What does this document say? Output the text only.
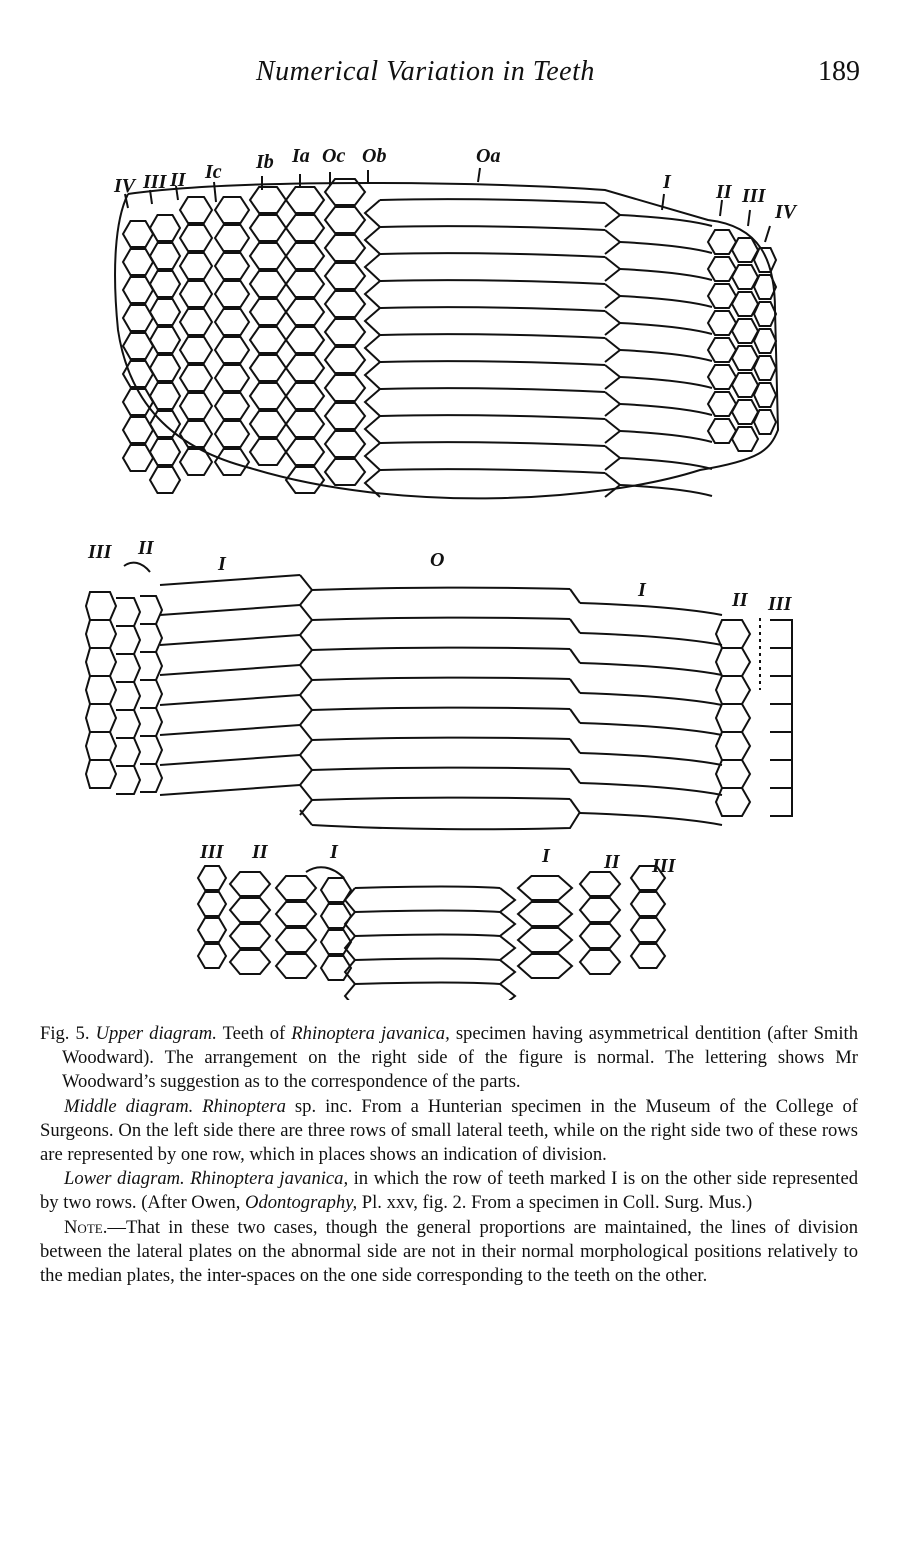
Numerical Variation in Teeth	189
IV III II Ic Ib Ia Oc Ob	Oa
I II III
IV
III II
I	O
I	II III
III II	I	I	II III

Fig. 5. Upper diagram. Teeth of Rhinoptera javanica, specimen having asymmetrical dentition (after Smith Woodward). The arrangement on the right side of the figure is normal. The lettering shows Mr Woodward’s suggestion as to the correspondence of the parts.

Middle diagram. Rhinoptera sp. inc. From a Hunterian specimen in the Museum of the College of Surgeons. On the left side there are three rows of small lateral teeth, while on the right side two of these rows are represented by one row, which in places shows an indication of division.

Lower diagram. Rhinoptera javanica, in which the row of teeth marked I is on the other side represented by two rows. (After Owen, Odontography, Pl. xxv, fig. 2. From a specimen in Coll. Surg. Mus.)

Note.—That in these two cases, though the general proportions are maintained, the lines of division between the lateral plates on the abnormal side are not in their normal morphological positions relatively to the median plates, the inter-spaces on the one side corresponding to the teeth on the other.
